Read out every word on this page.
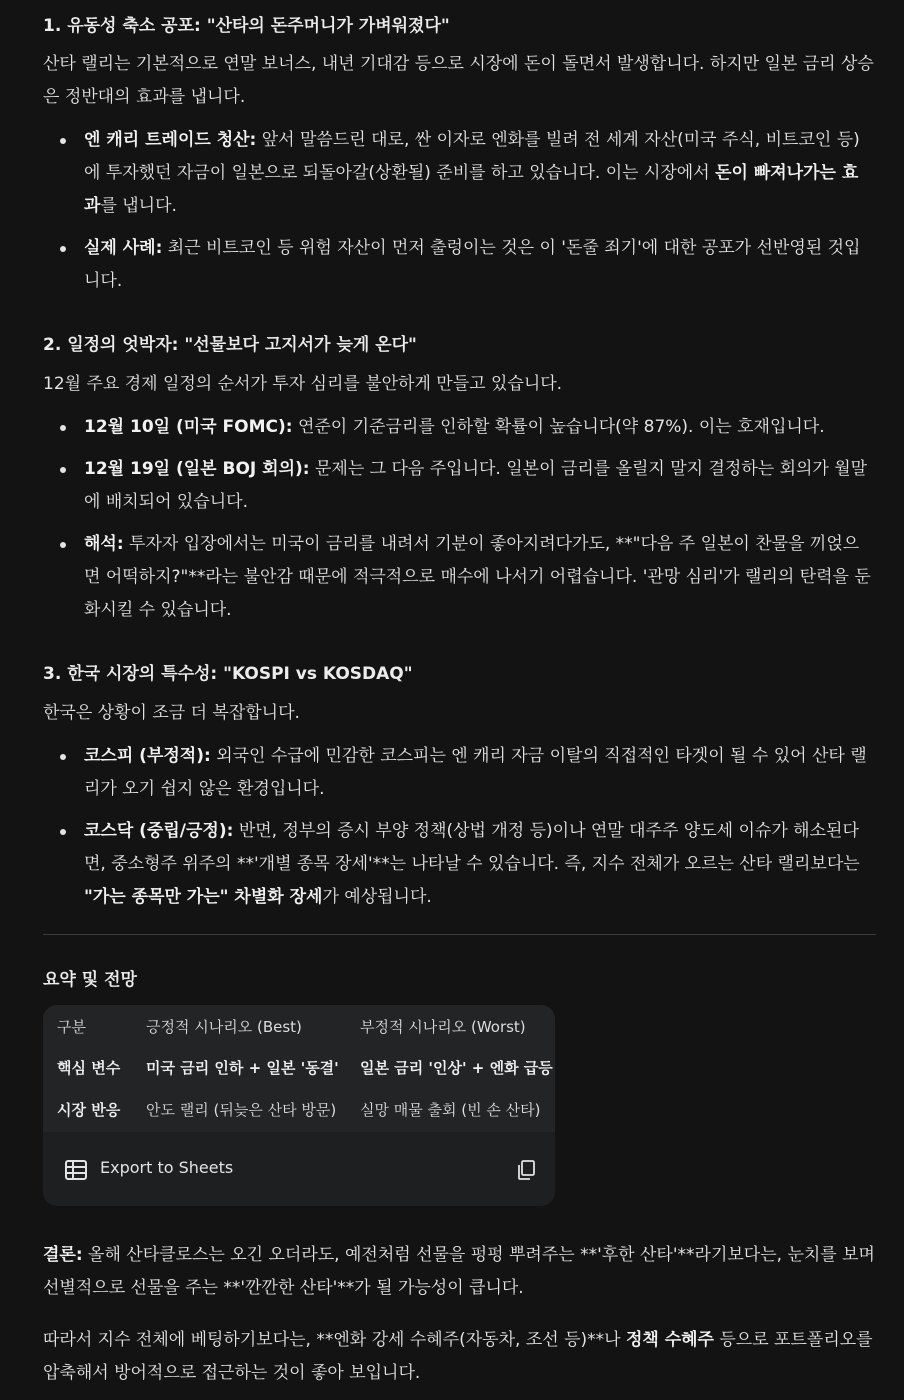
1. 유동성 축소 공포: "산타의 돈주머니가 가벼워졌다"
산타 랠리는 기본적으로 연말 보너스, 내년 기대감 등으로 시장에 돈이 돌면서 발생합니다. 하지만 일본 금리 상승은 정반대의 효과를 냅니다.
엔 캐리 트레이드 청산: 앞서 말씀드린 대로, 싼 이자로 엔화를 빌려 전 세계 자산(미국 주식, 비트코인 등)에 투자했던 자금이 일본으로 되돌아갈(상환될) 준비를 하고 있습니다. 이는 시장에서 돈이 빠져나가는 효과를 냅니다.
실제 사례: 최근 비트코인 등 위험 자산이 먼저 출렁이는 것은 이 '돈줄 죄기'에 대한 공포가 선반영된 것입니다.
2. 일정의 엇박자: "선물보다 고지서가 늦게 온다"
12월 주요 경제 일정의 순서가 투자 심리를 불안하게 만들고 있습니다.
12월 10일 (미국 FOMC): 연준이 기준금리를 인하할 확률이 높습니다(약 87%). 이는 호재입니다.
12월 19일 (일본 BOJ 회의): 문제는 그 다음 주입니다. 일본이 금리를 올릴지 말지 결정하는 회의가 월말에 배치되어 있습니다.
해석: 투자자 입장에서는 미국이 금리를 내려서 기분이 좋아지려다가도, **"다음 주 일본이 찬물을 끼얹으면 어떡하지?"**라는 불안감 때문에 적극적으로 매수에 나서기 어렵습니다. '관망 심리'가 랠리의 탄력을 둔화시킬 수 있습니다.
3. 한국 시장의 특수성: "KOSPI vs KOSDAQ"
한국은 상황이 조금 더 복잡합니다.
코스피 (부정적): 외국인 수급에 민감한 코스피는 엔 캐리 자금 이탈의 직접적인 타겟이 될 수 있어 산타 랠리가 오기 쉽지 않은 환경입니다.
코스닥 (중립/긍정): 반면, 정부의 증시 부양 정책(상법 개정 등)이나 연말 대주주 양도세 이슈가 해소된다면, 중소형주 위주의 **'개별 종목 장세'**는 나타날 수 있습니다. 즉, 지수 전체가 오르는 산타 랠리보다는 "가는 종목만 가는" 차별화 장세가 예상됩니다.
요약 및 전망
구분	긍정적 시나리오 (Best)	부정적 시나리오 (Worst)
핵심 변수 미국 금리 인하 + 일본 '동결' 일본 금리 '인상' + 엔화 급등
시장 반응 안도 랠리 (뒤늦은 산타 방문) 실망 매물 출회 (빈 손 산타)
Export to Sheets
결론: 올해 산타클로스는 오긴 오더라도, 예전처럼 선물을 펑펑 뿌려주는 **'후한 산타'**라기보다는, 눈치를 보며 선별적으로 선물을 주는 **'깐깐한 산타'**가 될 가능성이 큽니다.
따라서 지수 전체에 베팅하기보다는, **엔화 강세 수혜주(자동차, 조선 등)**나 정책 수혜주 등으로 포트폴리오를 압축해서 방어적으로 접근하는 것이 좋아 보입니다.
